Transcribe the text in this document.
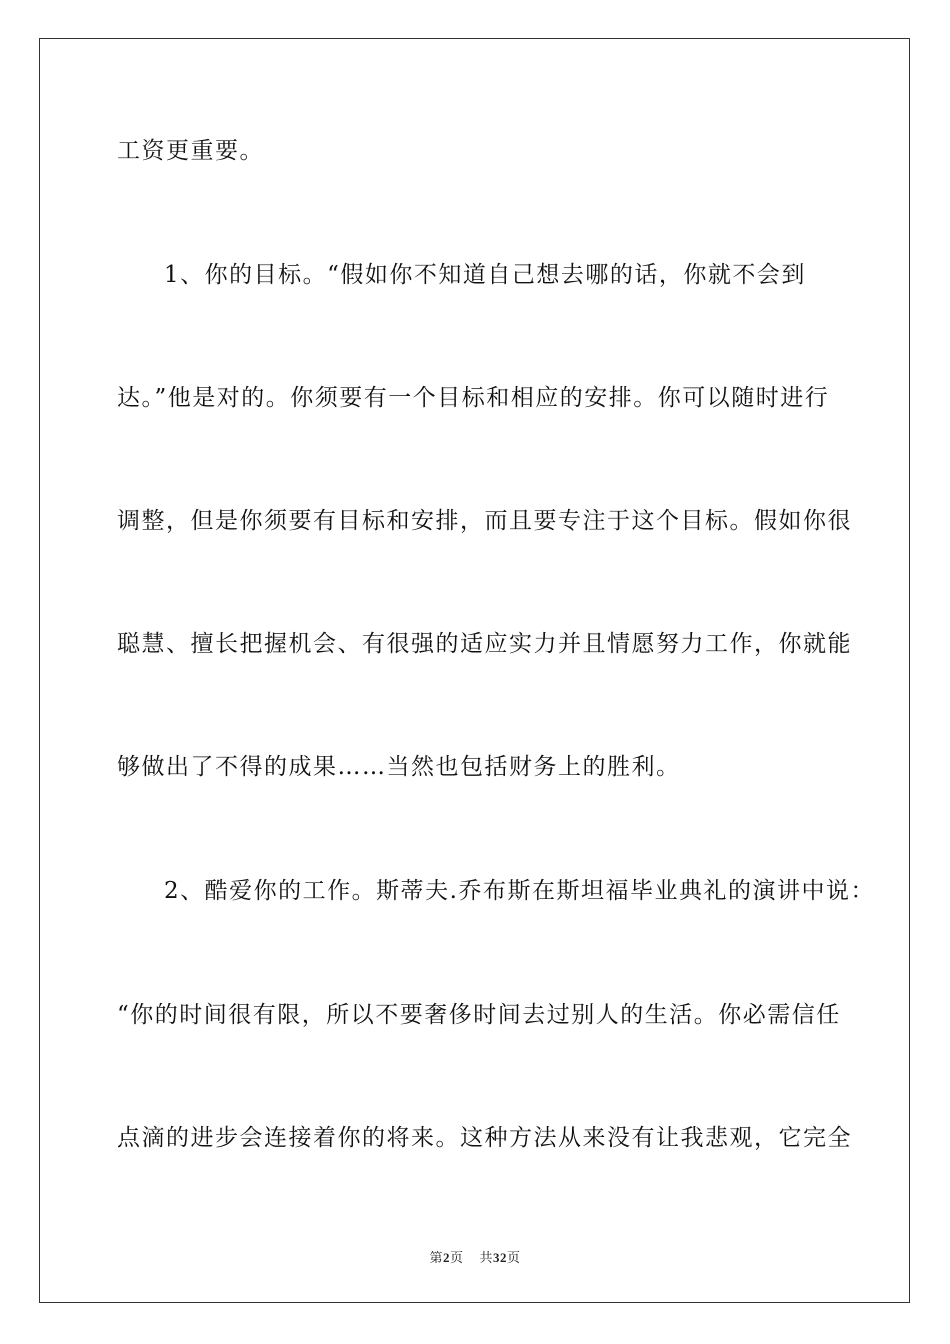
工资更重要。
1、你的目标。“假如你不知道自己想去哪的话，你就不会到
达。”他是对的。你须要有一个目标和相应的安排。你可以随时进行
调整，但是你须要有目标和安排，而且要专注于这个目标。假如你很
聪慧、擅长把握机会、有很强的适应实力并且情愿努力工作，你就能
够做出了不得的成果……当然也包括财务上的胜利。
2、酷爱你的工作。斯蒂夫.乔布斯在斯坦福毕业典礼的演讲中说：
“你的时间很有限，所以不要奢侈时间去过别人的生活。你必需信任
点滴的进步会连接着你的将来。这种方法从来没有让我悲观，它完全
第2页 共32页
